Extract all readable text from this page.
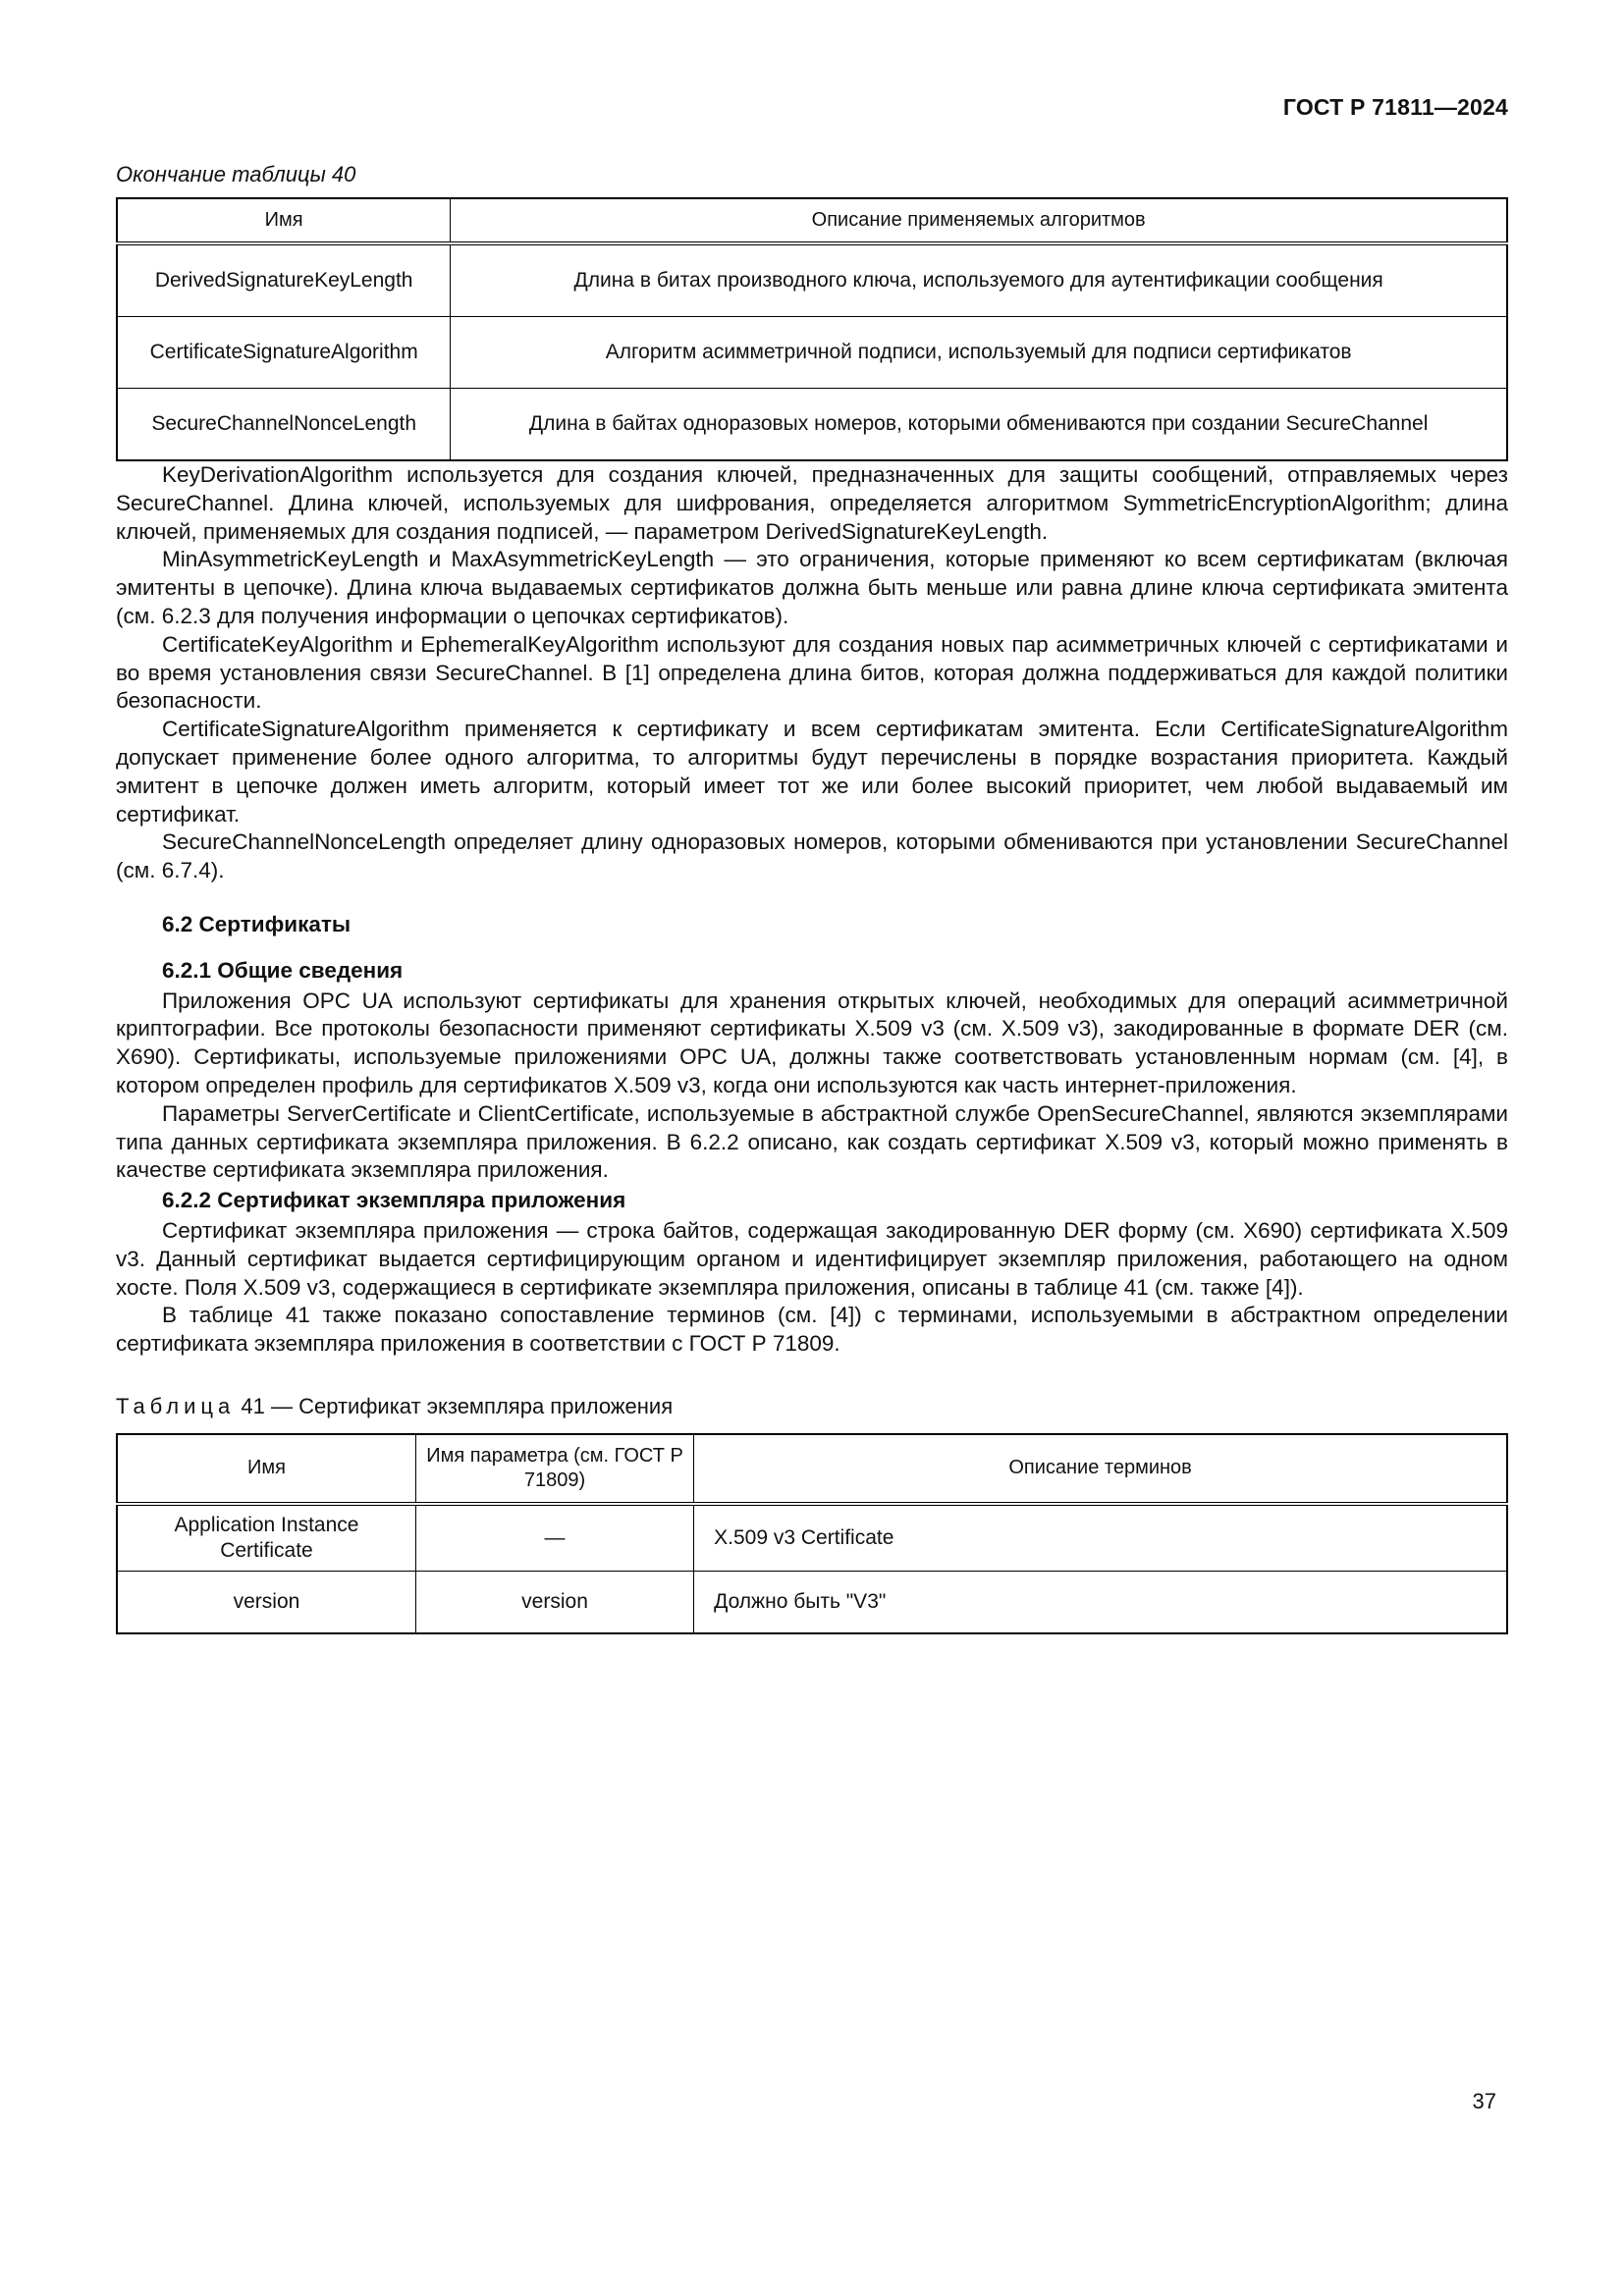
ГОСТ Р 71811—2024
Окончание таблицы 40
Имя	Описание применяемых алгоритмов
DerivedSignatureKeyLength	Длина в битах производного ключа, используемого для аутентификации сообщения
CertificateSignatureAlgorithm	Алгоритм асимметричной подписи, используемый для подписи сертификатов
SecureChannelNonceLength	Длина в байтах одноразовых номеров, которыми обмениваются при создании SecureChannel

KeyDerivationAlgorithm используется для создания ключей, предназначенных для защиты сообщений, отправляемых через SecureChannel. Длина ключей, используемых для шифрования, определяется алгоритмом SymmetricEncryptionAlgorithm; длина ключей, применяемых для создания подписей, — параметром DerivedSignatureKeyLength.

MinAsymmetricKeyLength и MaxAsymmetricKeyLength — это ограничения, которые применяют ко всем сертификатам (включая эмитенты в цепочке). Длина ключа выдаваемых сертификатов должна быть меньше или равна длине ключа сертификата эмитента (см. 6.2.3 для получения информации о цепочках сертификатов).

CertificateKeyAlgorithm и EphemeralKeyAlgorithm используют для создания новых пар асимметричных ключей с сертификатами и во время установления связи SecureChannel. В [1] определена длина битов, которая должна поддерживаться для каждой политики безопасности.

CertificateSignatureAlgorithm применяется к сертификату и всем сертификатам эмитента. Если CertificateSignatureAlgorithm допускает применение более одного алгоритма, то алгоритмы будут перечислены в порядке возрастания приоритета. Каждый эмитент в цепочке должен иметь алгоритм, который имеет тот же или более высокий приоритет, чем любой выдаваемый им сертификат.

SecureChannelNonceLength определяет длину одноразовых номеров, которыми обмениваются при установлении SecureChannel (см. 6.7.4).

6.2 Сертификаты
6.2.1 Общие сведения

Приложения OPC UA используют сертификаты для хранения открытых ключей, необходимых для операций асимметричной криптографии. Все протоколы безопасности применяют сертификаты X.509 v3 (см. X.509 v3), закодированные в формате DER (см. X690). Сертификаты, используемые приложениями OPC UA, должны также соответствовать установленным нормам (см. [4], в котором определен профиль для сертификатов X.509 v3, когда они используются как часть интернет-приложения.

Параметры ServerCertificate и ClientCertificate, используемые в абстрактной службе OpenSecureChannel, являются экземплярами типа данных сертификата экземпляра приложения. В 6.2.2 описано, как создать сертификат X.509 v3, который можно применять в качестве сертификата экземпляра приложения.

6.2.2 Сертификат экземпляра приложения

Сертификат экземпляра приложения — строка байтов, содержащая закодированную DER форму (см. X690) сертификата X.509 v3. Данный сертификат выдается сертифицирующим органом и идентифицирует экземпляр приложения, работающего на одном хосте. Поля X.509 v3, содержащиеся в сертификате экземпляра приложения, описаны в таблице 41 (см. также [4]).

В таблице 41 также показано сопоставление терминов (см. [4]) с терминами, используемыми в абстрактном определении сертификата экземпляра приложения в соответствии с ГОСТ Р 71809.

Таблица 41 — Сертификат экземпляра приложения
Имя	Имя параметра (см. ГОСТ Р 71809)	Описание терминов
Application Instance Certificate	—	X.509 v3 Certificate
version	version	Должно быть "V3"
37
